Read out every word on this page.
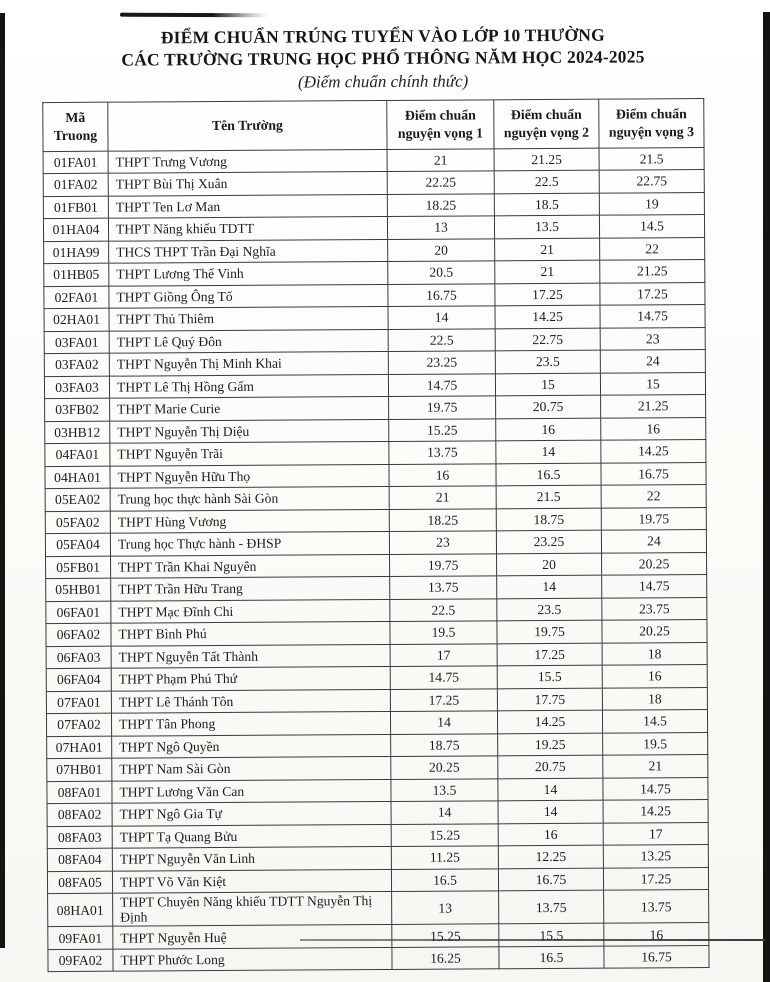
ĐIỂM CHUẨN TRÚNG TUYỂN VÀO LỚP 10 THƯỜNG
CÁC TRƯỜNG TRUNG HỌC PHỔ THÔNG NĂM HỌC 2024-2025
(Điểm chuẩn chính thức)
Mã Truong	Tên Trường	Điểm chuẩn nguyện vọng 1	Điểm chuẩn nguyện vọng 2	Điểm chuẩn nguyện vọng 3
01FA01	THPT Trưng Vương	21	21.25	21.5
01FA02	THPT Bùi Thị Xuân	22.25	22.5	22.75
01FB01	THPT Ten Lơ Man	18.25	18.5	19
01HA04	THPT Năng khiếu TDTT	13	13.5	14.5
01HA99	THCS THPT Trần Đại Nghĩa	20	21	22
01HB05	THPT Lương Thế Vinh	20.5	21	21.25
02FA01	THPT Giồng Ông Tố	16.75	17.25	17.25
02HA01	THPT Thủ Thiêm	14	14.25	14.75
03FA01	THPT Lê Quý Đôn	22.5	22.75	23
03FA02	THPT Nguyễn Thị Minh Khai	23.25	23.5	24
03FA03	THPT Lê Thị Hồng Gấm	14.75	15	15
03FB02	THPT Marie Curie	19.75	20.75	21.25
03HB12	THPT Nguyễn Thị Diệu	15.25	16	16
04FA01	THPT Nguyễn Trãi	13.75	14	14.25
04HA01	THPT Nguyễn Hữu Thọ	16	16.5	16.75
05EA02	Trung học thực hành Sài Gòn	21	21.5	22
05FA02	THPT Hùng Vương	18.25	18.75	19.75
05FA04	Trung học Thực hành - ĐHSP	23	23.25	24
05FB01	THPT Trần Khai Nguyên	19.75	20	20.25
05HB01	THPT Trần Hữu Trang	13.75	14	14.75
06FA01	THPT Mạc Đĩnh Chi	22.5	23.5	23.75
06FA02	THPT Bình Phú	19.5	19.75	20.25
06FA03	THPT Nguyễn Tất Thành	17	17.25	18
06FA04	THPT Phạm Phú Thứ	14.75	15.5	16
07FA01	THPT Lê Thánh Tôn	17.25	17.75	18
07FA02	THPT Tân Phong	14	14.25	14.5
07HA01	THPT Ngô Quyền	18.75	19.25	19.5
07HB01	THPT Nam Sài Gòn	20.25	20.75	21
08FA01	THPT Lương Văn Can	13.5	14	14.75
08FA02	THPT Ngô Gia Tự	14	14	14.25
08FA03	THPT Tạ Quang Bửu	15.25	16	17
08FA04	THPT Nguyễn Văn Linh	11.25	12.25	13.25
08FA05	THPT Võ Văn Kiệt	16.5	16.75	17.25
08HA01	THPT Chuyên Năng khiếu TDTT Nguyễn Thị Định	13	13.75	13.75
09FA01	THPT Nguyễn Huệ	15.25	15.5	16
09FA02	THPT Phước Long	16.25	16.5	16.75
